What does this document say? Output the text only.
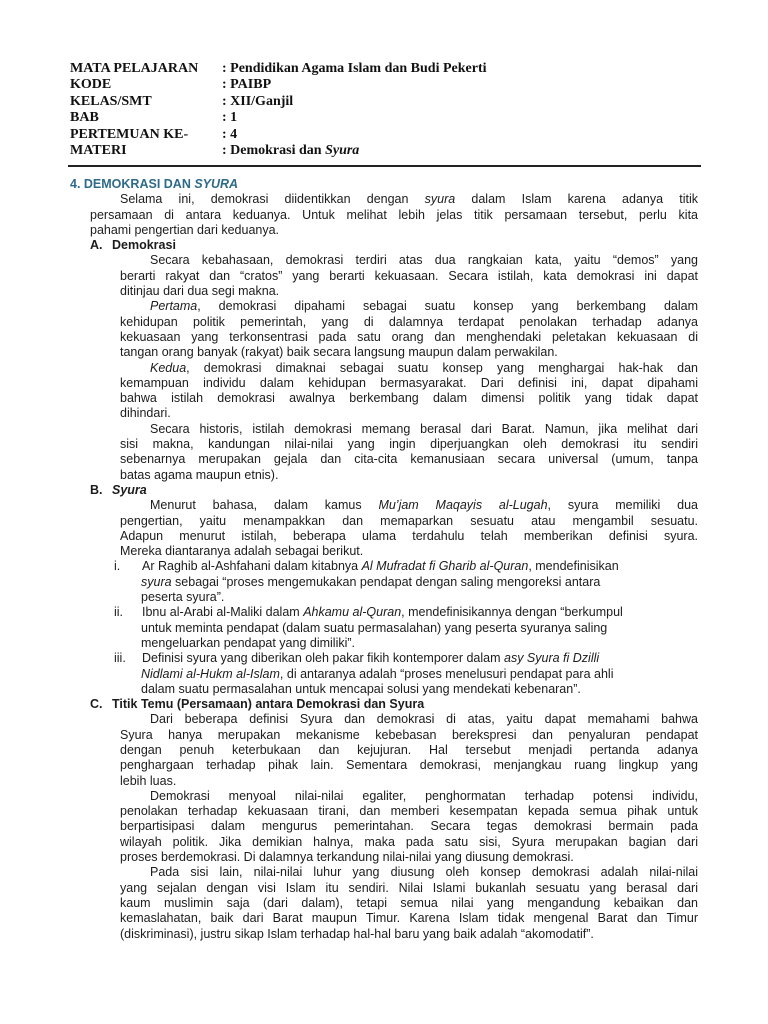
MATA PELAJARAN	: Pendidikan Agama Islam dan Budi Pekerti
KODE	: PAIBP
KELAS/SMT	: XII/Ganjil
BAB	: 1
PERTEMUAN KE-	: 4
MATERI	: Demokrasi dan Syura
4. DEMOKRASI DAN SYURA
Selama ini, demokrasi diidentikkan dengan syura dalam Islam karena adanya titik
persamaan di antara keduanya. Untuk melihat lebih jelas titik persamaan tersebut, perlu kita
pahami pengertian dari keduanya.
A. Demokrasi
Secara kebahasaan, demokrasi terdiri atas dua rangkaian kata, yaitu “demos” yang
berarti rakyat dan “cratos” yang berarti kekuasaan. Secara istilah, kata demokrasi ini dapat
ditinjau dari dua segi makna.
Pertama, demokrasi dipahami sebagai suatu konsep yang berkembang dalam
kehidupan politik pemerintah, yang di dalamnya terdapat penolakan terhadap adanya
kekuasaan yang terkonsentrasi pada satu orang dan menghendaki peletakan kekuasaan di
tangan orang banyak (rakyat) baik secara langsung maupun dalam perwakilan.
Kedua, demokrasi dimaknai sebagai suatu konsep yang menghargai hak-hak dan
kemampuan individu dalam kehidupan bermasyarakat. Dari definisi ini, dapat dipahami
bahwa istilah demokrasi awalnya berkembang dalam dimensi politik yang tidak dapat
dihindari.
Secara historis, istilah demokrasi memang berasal dari Barat. Namun, jika melihat dari
sisi makna, kandungan nilai-nilai yang ingin diperjuangkan oleh demokrasi itu sendiri
sebenarnya merupakan gejala dan cita-cita kemanusiaan secara universal (umum, tanpa
batas agama maupun etnis).
B. Syura
Menurut bahasa, dalam kamus Mu’jam Maqayis al-Lugah, syura memiliki dua
pengertian, yaitu menampakkan dan memaparkan sesuatu atau mengambil sesuatu.
Adapun menurut istilah, beberapa ulama terdahulu telah memberikan definisi syura.
Mereka diantaranya adalah sebagai berikut.
i. Ar Raghib al-Ashfahani dalam kitabnya Al Mufradat fi Gharib al-Quran, mendefinisikan
syura sebagai “proses mengemukakan pendapat dengan saling mengoreksi antara
peserta syura”.
ii. Ibnu al-Arabi al-Maliki dalam Ahkamu al-Quran, mendefinisikannya dengan “berkumpul
untuk meminta pendapat (dalam suatu permasalahan) yang peserta syuranya saling
mengeluarkan pendapat yang dimiliki”.
iii. Definisi syura yang diberikan oleh pakar fikih kontemporer dalam asy Syura fi Dzilli
Nidlami al-Hukm al-Islam, di antaranya adalah “proses menelusuri pendapat para ahli
dalam suatu permasalahan untuk mencapai solusi yang mendekati kebenaran”.
C. Titik Temu (Persamaan) antara Demokrasi dan Syura
Dari beberapa definisi Syura dan demokrasi di atas, yaitu dapat memahami bahwa
Syura hanya merupakan mekanisme kebebasan berekspresi dan penyaluran pendapat
dengan penuh keterbukaan dan kejujuran. Hal tersebut menjadi pertanda adanya
penghargaan terhadap pihak lain. Sementara demokrasi, menjangkau ruang lingkup yang
lebih luas.
Demokrasi menyoal nilai-nilai egaliter, penghormatan terhadap potensi individu,
penolakan terhadap kekuasaan tirani, dan memberi kesempatan kepada semua pihak untuk
berpartisipasi dalam mengurus pemerintahan. Secara tegas demokrasi bermain pada
wilayah politik. Jika demikian halnya, maka pada satu sisi, Syura merupakan bagian dari
proses berdemokrasi. Di dalamnya terkandung nilai-nilai yang diusung demokrasi.
Pada sisi lain, nilai-nilai luhur yang diusung oleh konsep demokrasi adalah nilai-nilai
yang sejalan dengan visi Islam itu sendiri. Nilai Islami bukanlah sesuatu yang berasal dari
kaum muslimin saja (dari dalam), tetapi semua nilai yang mengandung kebaikan dan
kemaslahatan, baik dari Barat maupun Timur. Karena Islam tidak mengenal Barat dan Timur
(diskriminasi), justru sikap Islam terhadap hal-hal baru yang baik adalah “akomodatif”.
